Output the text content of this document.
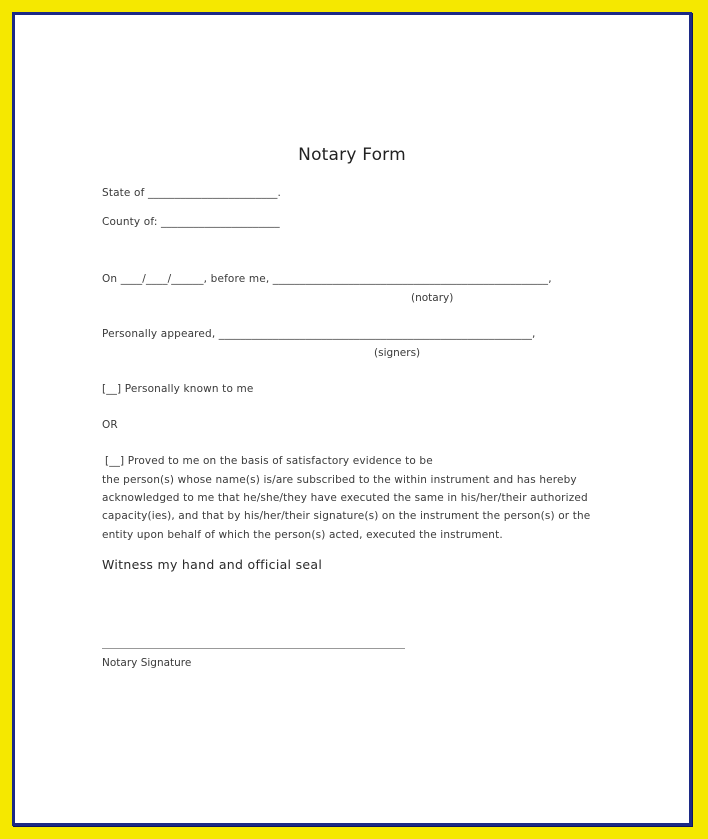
Notary Form
State of ________________________.
County of: ______________________
On ____/____/______, before me, ___________________________________________________,
(notary)
Personally appeared, __________________________________________________________,
(signers)
[__] Personally known to me
OR
[__] Proved to me on the basis of satisfactory evidence to be
the person(s) whose name(s) is/are subscribed to the within instrument and has hereby
acknowledged to me that he/she/they have executed the same in his/her/their authorized
capacity(ies), and that by his/her/their signature(s) on the instrument the person(s) or the
entity upon behalf of which the person(s) acted, executed the instrument.
Witness my hand and official seal
Notary Signature
